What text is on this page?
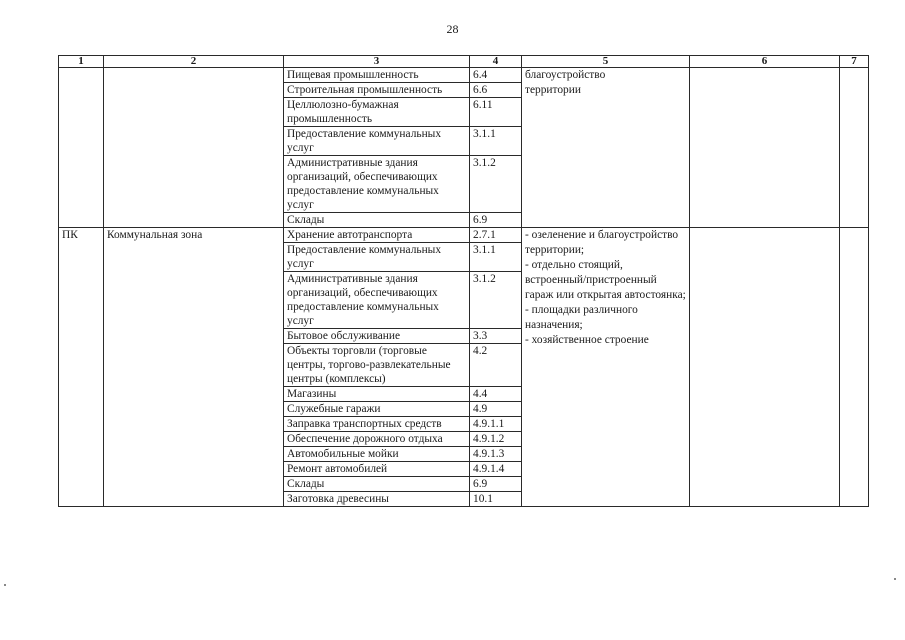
28
1	2	3	4	5	6	7
		Пищевая промышленность	6.4	благоустройство

территории		

		Строительная промышленность	6.6			
		Целлюлозно-бумажная промышленность	6.11			
		Предоставление коммунальных услуг	3.1.1			
		Административные здания организаций, обеспечивающих предоставление коммунальных услуг	3.1.2			
		Склады	6.9			
ПК	Коммунальная зона	Хранение автотранспорта	2.7.1	- озеленение и благоустройство территории;

- отдельно стоящий, встроенный/пристроенный гараж или открытая автостоянка;

- площадки различного назначения;

- хозяйственное строение		

		Предоставление коммунальных услуг	3.1.1			
		Административные здания организаций, обеспечивающих предоставление коммунальных услуг	3.1.2			
		Бытовое обслуживание	3.3			
		Объекты торговли (торговые центры, торгово-развлекательные центры (комплексы)	4.2			
		Магазины	4.4			
		Служебные гаражи	4.9			
		Заправка транспортных средств	4.9.1.1			
		Обеспечение дорожного отдыха	4.9.1.2			
		Автомобильные мойки	4.9.1.3			
		Ремонт автомобилей	4.9.1.4			
		Склады	6.9			
		Заготовка древесины	10.1			
